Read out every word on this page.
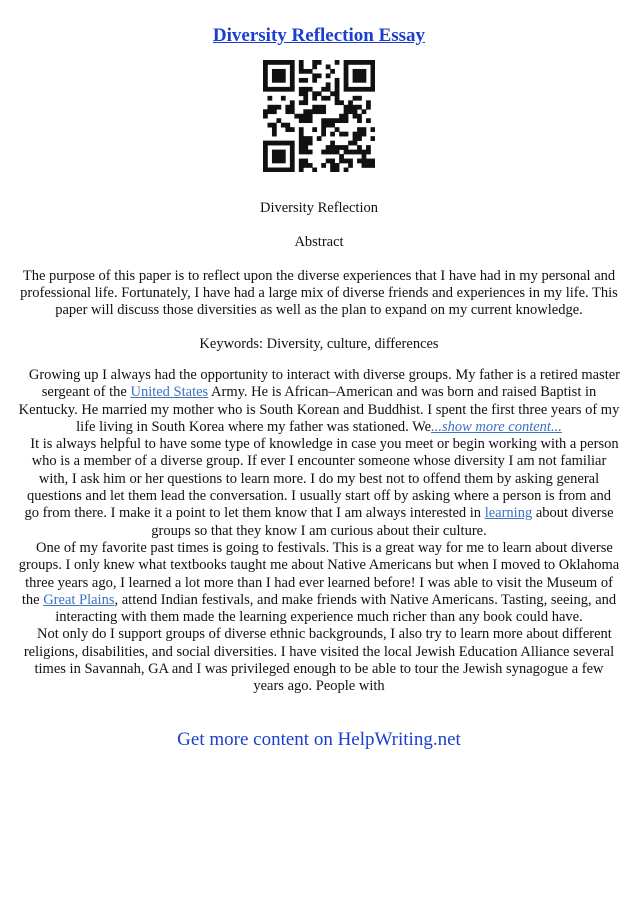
Diversity Reflection Essay
Diversity Reflection
Abstract
The purpose of this paper is to reflect upon the diverse experiences that I have had in my personal and professional life. Fortunately, I have had a large mix of diverse friends and experiences in my life. This paper will discuss those diversities as well as the plan to expand on my current knowledge.
Keywords: Diversity, culture, differences

Growing up I always had the opportunity to interact with diverse groups. My father is a retired master sergeant of the United States Army. He is African–American and was born and raised Baptist in Kentucky. He married my mother who is South Korean and Buddhist. I spent the first three years of my life living in South Korea where my father was stationed. We...show more content...

It is always helpful to have some type of knowledge in case you meet or begin working with a person who is a member of a diverse group. If ever I encounter someone whose diversity I am not familiar with, I ask him or her questions to learn more. I do my best not to offend them by asking general questions and let them lead the conversation. I usually start off by asking where a person is from and go from there. I make it a point to let them know that I am always interested in learning about diverse groups so that they know I am curious about their culture.

One of my favorite past times is going to festivals. This is a great way for me to learn about diverse groups. I only knew what textbooks taught me about Native Americans but when I moved to Oklahoma three years ago, I learned a lot more than I had ever learned before! I was able to visit the Museum of the Great Plains, attend Indian festivals, and make friends with Native Americans. Tasting, seeing, and interacting with them made the learning experience much richer than any book could have.

Not only do I support groups of diverse ethnic backgrounds, I also try to learn more about different religions, disabilities, and social diversities. I have visited the local Jewish Education Alliance several times in Savannah, GA and I was privileged enough to be able to tour the Jewish synagogue a few years ago. People with

Get more content on HelpWriting.net
